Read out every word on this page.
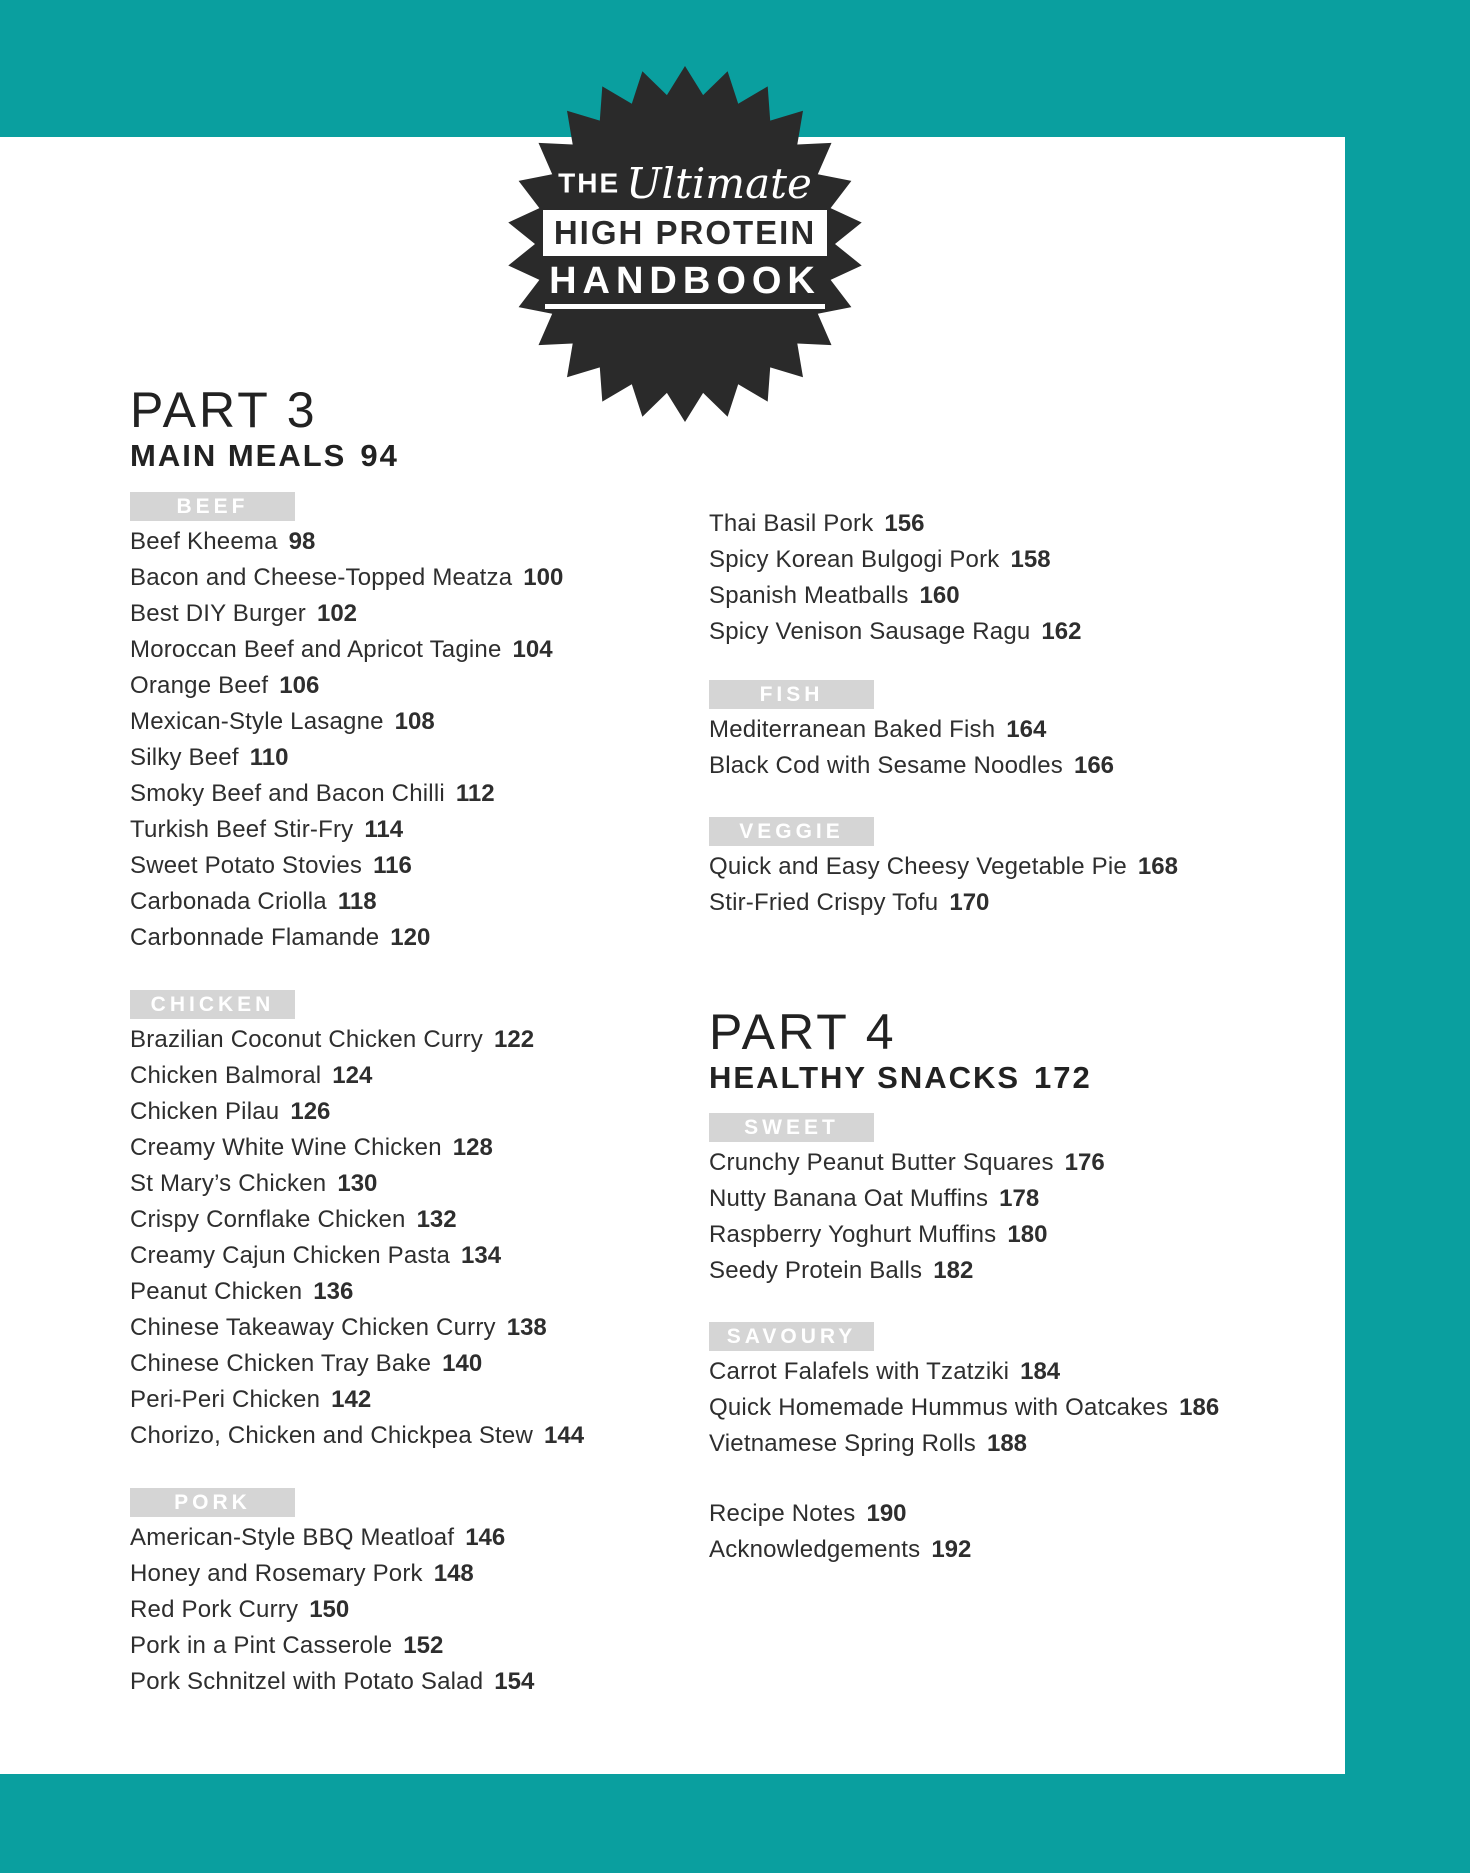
THE Ultimate
HIGH PROTEIN
HANDBOOK
PART 3
MAIN MEALS 94
BEEF
Beef Kheema 98
Bacon and Cheese-Topped Meatza 100
Best DIY Burger 102
Moroccan Beef and Apricot Tagine 104
Orange Beef 106
Mexican-Style Lasagne 108
Silky Beef 110
Smoky Beef and Bacon Chilli 112
Turkish Beef Stir-Fry 114
Sweet Potato Stovies 116
Carbonada Criolla 118
Carbonnade Flamande 120
CHICKEN
Brazilian Coconut Chicken Curry 122
Chicken Balmoral 124
Chicken Pilau 126
Creamy White Wine Chicken 128
St Mary’s Chicken 130
Crispy Cornflake Chicken 132
Creamy Cajun Chicken Pasta 134
Peanut Chicken 136
Chinese Takeaway Chicken Curry 138
Chinese Chicken Tray Bake 140
Peri-Peri Chicken 142
Chorizo, Chicken and Chickpea Stew 144
PORK
American-Style BBQ Meatloaf 146
Honey and Rosemary Pork 148
Red Pork Curry 150
Pork in a Pint Casserole 152
Pork Schnitzel with Potato Salad 154
Thai Basil Pork 156
Spicy Korean Bulgogi Pork 158
Spanish Meatballs 160
Spicy Venison Sausage Ragu 162
FISH
Mediterranean Baked Fish 164
Black Cod with Sesame Noodles 166
VEGGIE
Quick and Easy Cheesy Vegetable Pie 168
Stir-Fried Crispy Tofu 170
PART 4
HEALTHY SNACKS 172
SWEET
Crunchy Peanut Butter Squares 176
Nutty Banana Oat Muffins 178
Raspberry Yoghurt Muffins 180
Seedy Protein Balls 182
SAVOURY
Carrot Falafels with Tzatziki 184
Quick Homemade Hummus with Oatcakes 186
Vietnamese Spring Rolls 188
Recipe Notes 190
Acknowledgements 192
